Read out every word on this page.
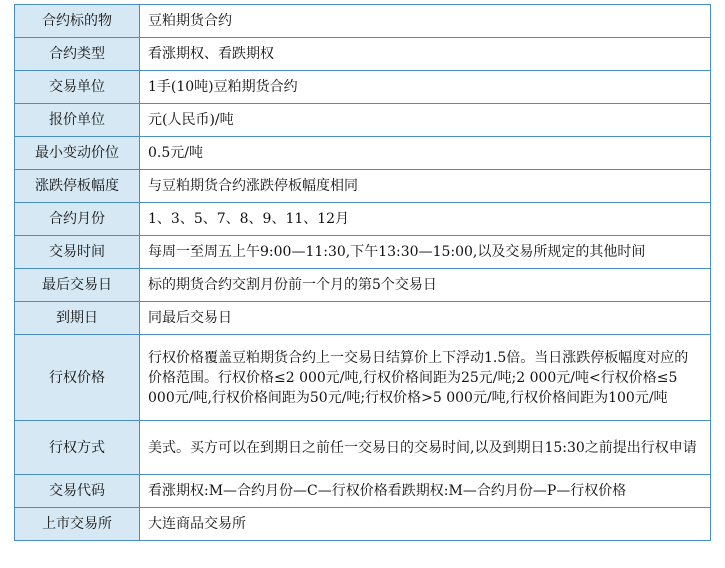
合约标的物	豆粕期货合约
合约类型	看涨期权、看跌期权
交易单位	1手(10吨)豆粕期货合约
报价单位	元(人民币)/吨
最小变动价位	0.5元/吨
涨跌停板幅度	与豆粕期货合约涨跌停板幅度相同
合约月份	1、3、5、7、8、9、11、12月
交易时间	每周一至周五上午9:00—11:30,下午13:30—15:00,以及交易所规定的其他时间
最后交易日	标的期货合约交割月份前一个月的第5个交易日
到期日	同最后交易日
行权价格	行权价格覆盖豆粕期货合约上一交易日结算价上下浮动1.5倍。当日涨跌停板幅度对应的价格范围。行权价格≤2 000元/吨,行权价格间距为25元/吨;2 000元/吨<行权价格≤5 000元/吨,行权价格间距为50元/吨;行权价格>5 000元/吨,行权价格间距为100元/吨
行权方式	美式。买方可以在到期日之前任一交易日的交易时间,以及到期日15:30之前提出行权申请
交易代码	看涨期权:M—合约月份—C—行权价格看跌期权:M—合约月份—P—行权价格
上市交易所	大连商品交易所
